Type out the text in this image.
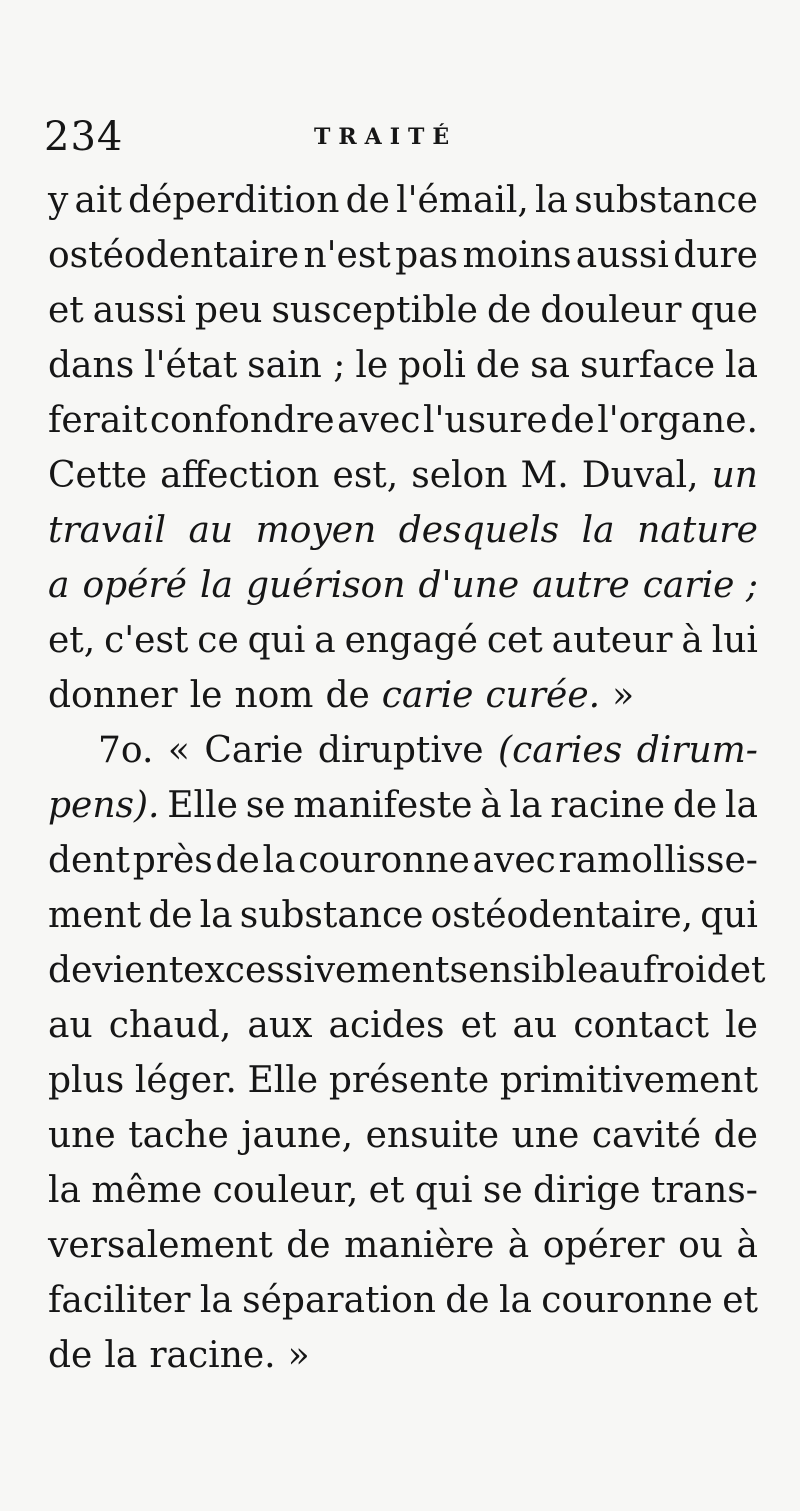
234	TRAITÉ
y ait déperdition de l'émail, la substance
ostéodentaire n'est pas moins aussi dure
et aussi peu susceptible de douleur que
dans l'état sain ; le poli de sa surface la
ferait confondre avec l'usure de l'organe.
Cette affection est, selon M. Duval, un
travail au moyen desquels la nature
a opéré la guérison d'une autre carie ;
et, c'est ce qui a engagé cet auteur à lui
donner le nom de carie curée. »
7o. « Carie diruptive (caries dirum-
pens). Elle se manifeste à la racine de la
dent près de la couronne avec ramollisse-
ment de la substance ostéodentaire, qui
devient excessivement sensible au froid et
au chaud, aux acides et au contact le
plus léger. Elle présente primitivement
une tache jaune, ensuite une cavité de
la même couleur, et qui se dirige trans-
versalement de manière à opérer ou à
faciliter la séparation de la couronne et
de la racine. »
